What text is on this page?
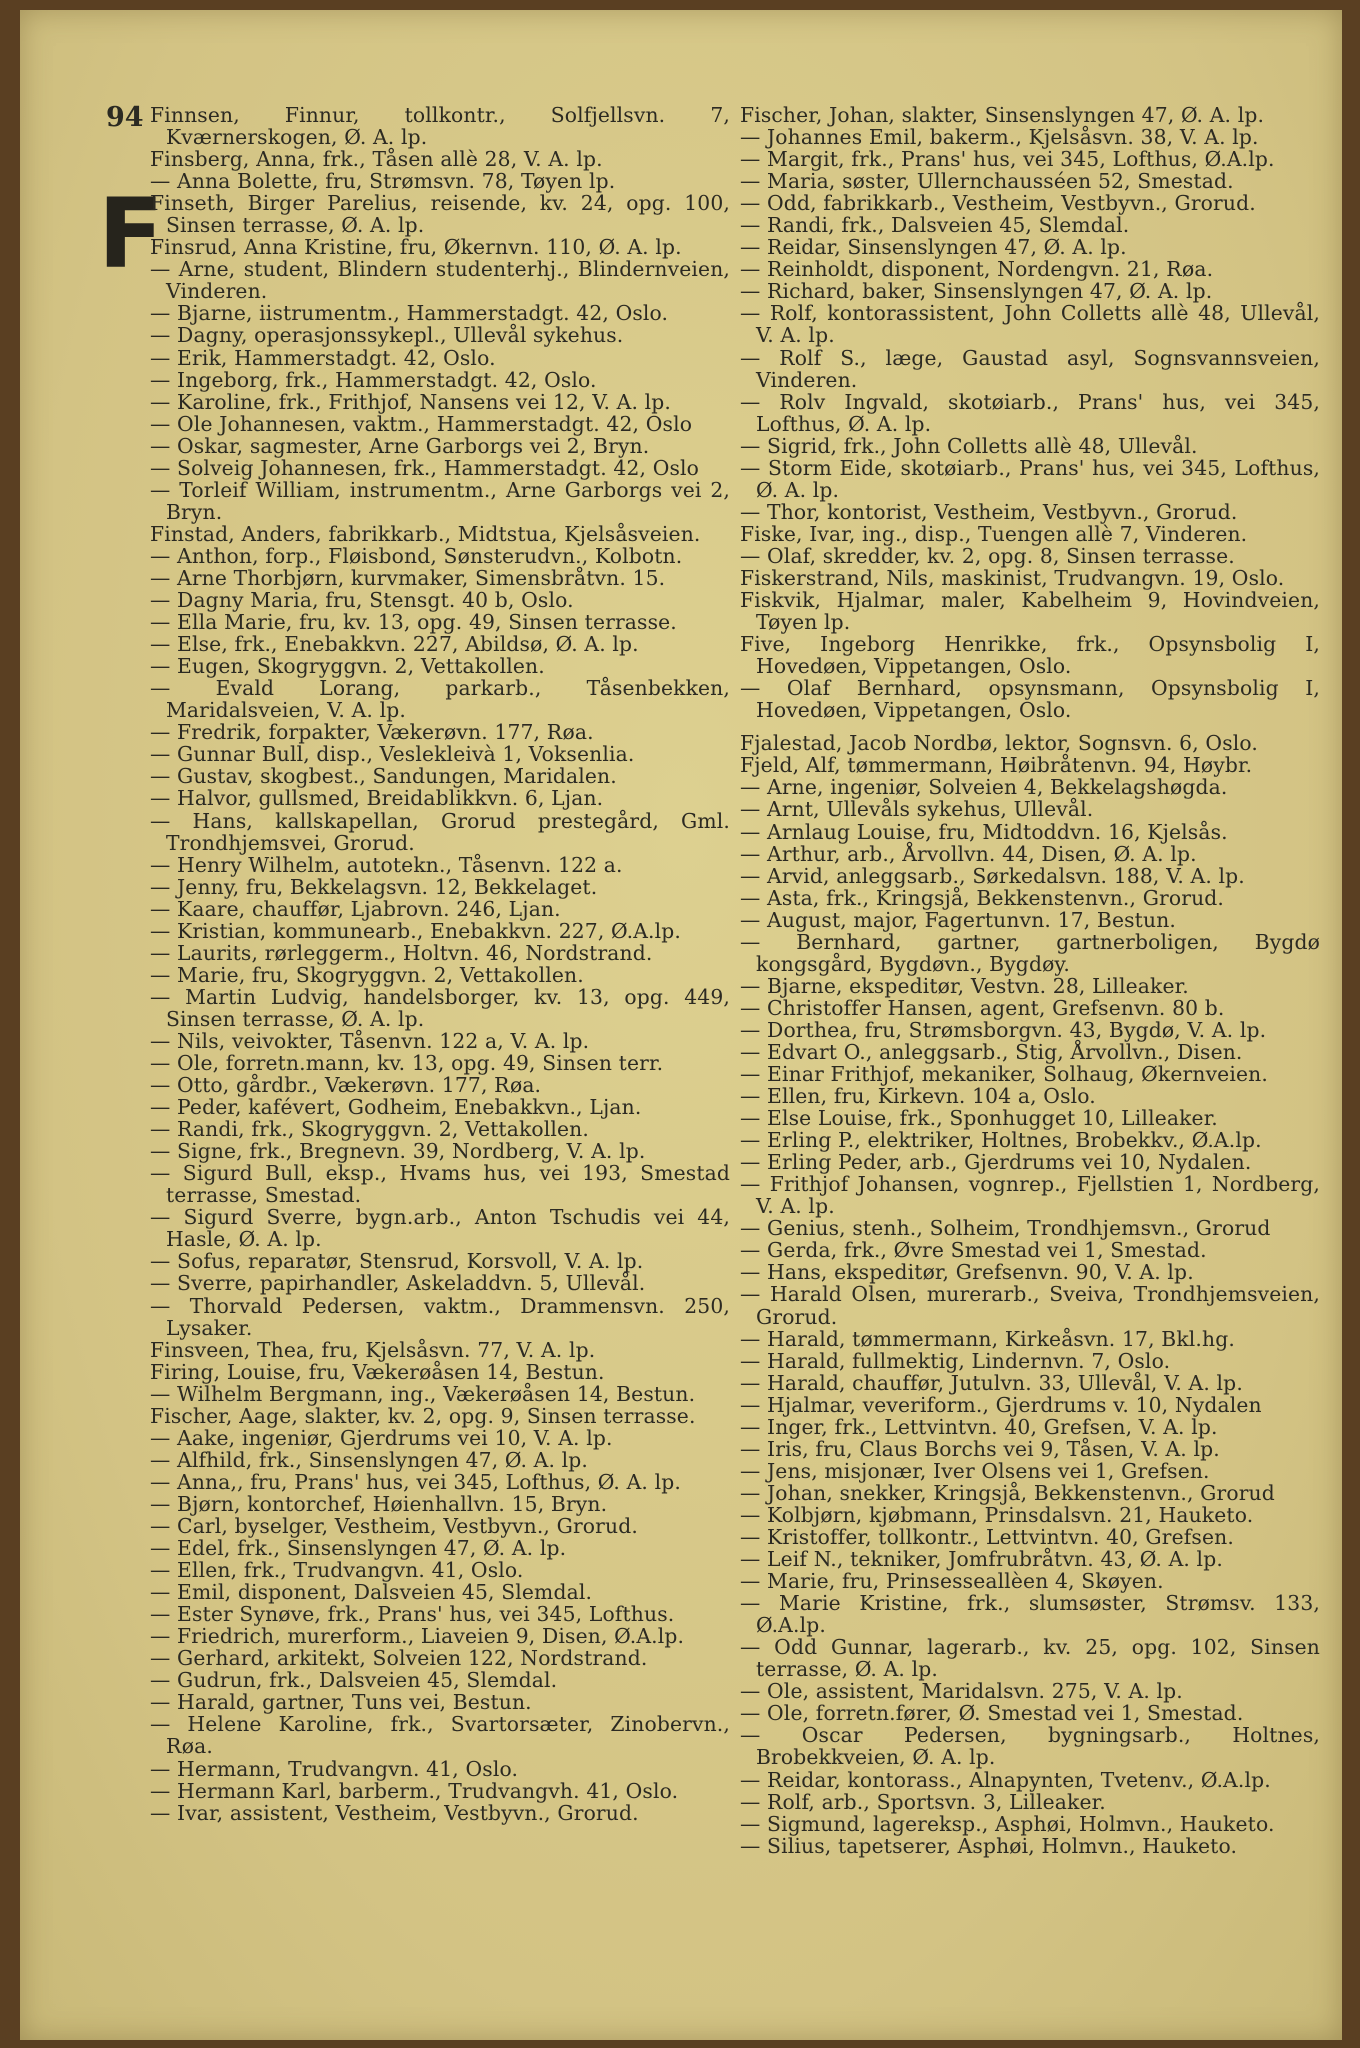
94
F
Finnsen, Finnur, tollkontr., Solfjellsvn. 7, Kværnerskogen, Ø. A. lp.
Finsberg, Anna, frk., Tåsen allè 28, V. A. lp.
— Anna Bolette, fru, Strømsvn. 78, Tøyen lp.
Finseth, Birger Parelius, reisende, kv. 24, opg. 100, Sinsen terrasse, Ø. A. lp.
Finsrud, Anna Kristine, fru, Økernvn. 110, Ø. A. lp.
— Arne, student, Blindern studenterhj., Blindernveien, Vinderen.
— Bjarne, iistrumentm., Hammerstadgt. 42, Oslo.
— Dagny, operasjonssykepl., Ullevål sykehus.
— Erik, Hammerstadgt. 42, Oslo.
— Ingeborg, frk., Hammerstadgt. 42, Oslo.
— Karoline, frk., Frithjof, Nansens vei 12, V. A. lp.
— Ole Johannesen, vaktm., Hammerstadgt. 42, Oslo
— Oskar, sagmester, Arne Garborgs vei 2, Bryn.
— Solveig Johannesen, frk., Hammerstadgt. 42, Oslo
— Torleif William, instrumentm., Arne Garborgs vei 2, Bryn.
Finstad, Anders, fabrikkarb., Midtstua, Kjelsåsveien.
— Anthon, forp., Fløisbond, Sønsterudvn., Kolbotn.
— Arne Thorbjørn, kurvmaker, Simensbråtvn. 15.
— Dagny Maria, fru, Stensgt. 40 b, Oslo.
— Ella Marie, fru, kv. 13, opg. 49, Sinsen terrasse.
— Else, frk., Enebakkvn. 227, Abildsø, Ø. A. lp.
— Eugen, Skogryggvn. 2, Vettakollen.
— Evald Lorang, parkarb., Tåsenbekken, Maridalsveien, V. A. lp.
— Fredrik, forpakter, Vækerøvn. 177, Røa.
— Gunnar Bull, disp., Veslekleivà 1, Voksenlia.
— Gustav, skogbest., Sandungen, Maridalen.
— Halvor, gullsmed, Breidablikkvn. 6, Ljan.
— Hans, kallskapellan, Grorud prestegård, Gml. Trondhjemsvei, Grorud.
— Henry Wilhelm, autotekn., Tåsenvn. 122 a.
— Jenny, fru, Bekkelagsvn. 12, Bekkelaget.
— Kaare, chauffør, Ljabrovn. 246, Ljan.
— Kristian, kommunearb., Enebakkvn. 227, Ø.A.lp.
— Laurits, rørleggerm., Holtvn. 46, Nordstrand.
— Marie, fru, Skogryggvn. 2, Vettakollen.
— Martin Ludvig, handelsborger, kv. 13, opg. 449, Sinsen terrasse, Ø. A. lp.
— Nils, veivokter, Tåsenvn. 122 a, V. A. lp.
— Ole, forretn.mann, kv. 13, opg. 49, Sinsen terr.
— Otto, gårdbr., Vækerøvn. 177, Røa.
— Peder, kafévert, Godheim, Enebakkvn., Ljan.
— Randi, frk., Skogryggvn. 2, Vettakollen.
— Signe, frk., Bregnevn. 39, Nordberg, V. A. lp.
— Sigurd Bull, eksp., Hvams hus, vei 193, Smestad terrasse, Smestad.
— Sigurd Sverre, bygn.arb., Anton Tschudis vei 44, Hasle, Ø. A. lp.
— Sofus, reparatør, Stensrud, Korsvoll, V. A. lp.
— Sverre, papirhandler, Askeladdvn. 5, Ullevål.
— Thorvald Pedersen, vaktm., Drammensvn. 250, Lysaker.
Finsveen, Thea, fru, Kjelsåsvn. 77, V. A. lp.
Firing, Louise, fru, Vækerøåsen 14, Bestun.
— Wilhelm Bergmann, ing., Vækerøåsen 14, Bestun.
Fischer, Aage, slakter, kv. 2, opg. 9, Sinsen terrasse.
— Aake, ingeniør, Gjerdrums vei 10, V. A. lp.
— Alfhild, frk., Sinsenslyngen 47, Ø. A. lp.
— Anna,, fru, Prans' hus, vei 345, Lofthus, Ø. A. lp.
— Bjørn, kontorchef, Høienhallvn. 15, Bryn.
— Carl, byselger, Vestheim, Vestbyvn., Grorud.
— Edel, frk., Sinsenslyngen 47, Ø. A. lp.
— Ellen, frk., Trudvangvn. 41, Oslo.
— Emil, disponent, Dalsveien 45, Slemdal.
— Ester Synøve, frk., Prans' hus, vei 345, Lofthus.
— Friedrich, murerform., Liaveien 9, Disen, Ø.A.lp.
— Gerhard, arkitekt, Solveien 122, Nordstrand.
— Gudrun, frk., Dalsveien 45, Slemdal.
— Harald, gartner, Tuns vei, Bestun.
— Helene Karoline, frk., Svartorsæter, Zinobervn., Røa.
— Hermann, Trudvangvn. 41, Oslo.
— Hermann Karl, barberm., Trudvangvh. 41, Oslo.
— Ivar, assistent, Vestheim, Vestbyvn., Grorud.
Fischer, Johan, slakter, Sinsenslyngen 47, Ø. A. lp.
— Johannes Emil, bakerm., Kjelsåsvn. 38, V. A. lp.
— Margit, frk., Prans' hus, vei 345, Lofthus, Ø.A.lp.
— Maria, søster, Ullernchausséen 52, Smestad.
— Odd, fabrikkarb., Vestheim, Vestbyvn., Grorud.
— Randi, frk., Dalsveien 45, Slemdal.
— Reidar, Sinsenslyngen 47, Ø. A. lp.
— Reinholdt, disponent, Nordengvn. 21, Røa.
— Richard, baker, Sinsenslyngen 47, Ø. A. lp.
— Rolf, kontorassistent, John Colletts allè 48, Ullevål, V. A. lp.
— Rolf S., læge, Gaustad asyl, Sognsvannsveien, Vinderen.
— Rolv Ingvald, skotøiarb., Prans' hus, vei 345, Lofthus, Ø. A. lp.
— Sigrid, frk., John Colletts allè 48, Ullevål.
— Storm Eide, skotøiarb., Prans' hus, vei 345, Lofthus, Ø. A. lp.
— Thor, kontorist, Vestheim, Vestbyvn., Grorud.
Fiske, Ivar, ing., disp., Tuengen allè 7, Vinderen.
— Olaf, skredder, kv. 2, opg. 8, Sinsen terrasse.
Fiskerstrand, Nils, maskinist, Trudvangvn. 19, Oslo.
Fiskvik, Hjalmar, maler, Kabelheim 9, Hovindveien, Tøyen lp.
Five, Ingeborg Henrikke, frk., Opsynsbolig I, Hovedøen, Vippetangen, Oslo.
— Olaf Bernhard, opsynsmann, Opsynsbolig I, Hovedøen, Vippetangen, Oslo.
Fjalestad, Jacob Nordbø, lektor, Sognsvn. 6, Oslo.
Fjeld, Alf, tømmermann, Høibråtenvn. 94, Høybr.
— Arne, ingeniør, Solveien 4, Bekkelagshøgda.
— Arnt, Ullevåls sykehus, Ullevål.
— Arnlaug Louise, fru, Midtoddvn. 16, Kjelsås.
— Arthur, arb., Årvollvn. 44, Disen, Ø. A. lp.
— Arvid, anleggsarb., Sørkedalsvn. 188, V. A. lp.
— Asta, frk., Kringsjå, Bekkenstenvn., Grorud.
— August, major, Fagertunvn. 17, Bestun.
— Bernhard, gartner, gartnerboligen, Bygdø kongsgård, Bygdøvn., Bygdøy.
— Bjarne, ekspeditør, Vestvn. 28, Lilleaker.
— Christoffer Hansen, agent, Grefsenvn. 80 b.
— Dorthea, fru, Strømsborgvn. 43, Bygdø, V. A. lp.
— Edvart O., anleggsarb., Stig, Årvollvn., Disen.
— Einar Frithjof, mekaniker, Solhaug, Økernveien.
— Ellen, fru, Kirkevn. 104 a, Oslo.
— Else Louise, frk., Sponhugget 10, Lilleaker.
— Erling P., elektriker, Holtnes, Brobekkv., Ø.A.lp.
— Erling Peder, arb., Gjerdrums vei 10, Nydalen.
— Frithjof Johansen, vognrep., Fjellstien 1, Nordberg, V. A. lp.
— Genius, stenh., Solheim, Trondhjemsvn., Grorud
— Gerda, frk., Øvre Smestad vei 1, Smestad.
— Hans, ekspeditør, Grefsenvn. 90, V. A. lp.
— Harald Olsen, murerarb., Sveiva, Trondhjemsveien, Grorud.
— Harald, tømmermann, Kirkeåsvn. 17, Bkl.hg.
— Harald, fullmektig, Lindernvn. 7, Oslo.
— Harald, chauffør, Jutulvn. 33, Ullevål, V. A. lp.
— Hjalmar, veveriform., Gjerdrums v. 10, Nydalen
— Inger, frk., Lettvintvn. 40, Grefsen, V. A. lp.
— Iris, fru, Claus Borchs vei 9, Tåsen, V. A. lp.
— Jens, misjonær, Iver Olsens vei 1, Grefsen.
— Johan, snekker, Kringsjå, Bekkenstenvn., Grorud
— Kolbjørn, kjøbmann, Prinsdalsvn. 21, Hauketo.
— Kristoffer, tollkontr., Lettvintvn. 40, Grefsen.
— Leif N., tekniker, Jomfrubråtvn. 43, Ø. A. lp.
— Marie, fru, Prinsesseallèen 4, Skøyen.
— Marie Kristine, frk., slumsøster, Strømsv. 133, Ø.A.lp.
— Odd Gunnar, lagerarb., kv. 25, opg. 102, Sinsen terrasse, Ø. A. lp.
— Ole, assistent, Maridalsvn. 275, V. A. lp.
— Ole, forretn.fører, Ø. Smestad vei 1, Smestad.
— Oscar Pedersen, bygningsarb., Holtnes, Brobekkveien, Ø. A. lp.
— Reidar, kontorass., Alnapynten, Tvetenv., Ø.A.lp.
— Rolf, arb., Sportsvn. 3, Lilleaker.
— Sigmund, lagereksp., Asphøi, Holmvn., Hauketo.
— Silius, tapetserer, Asphøi, Holmvn., Hauketo.
